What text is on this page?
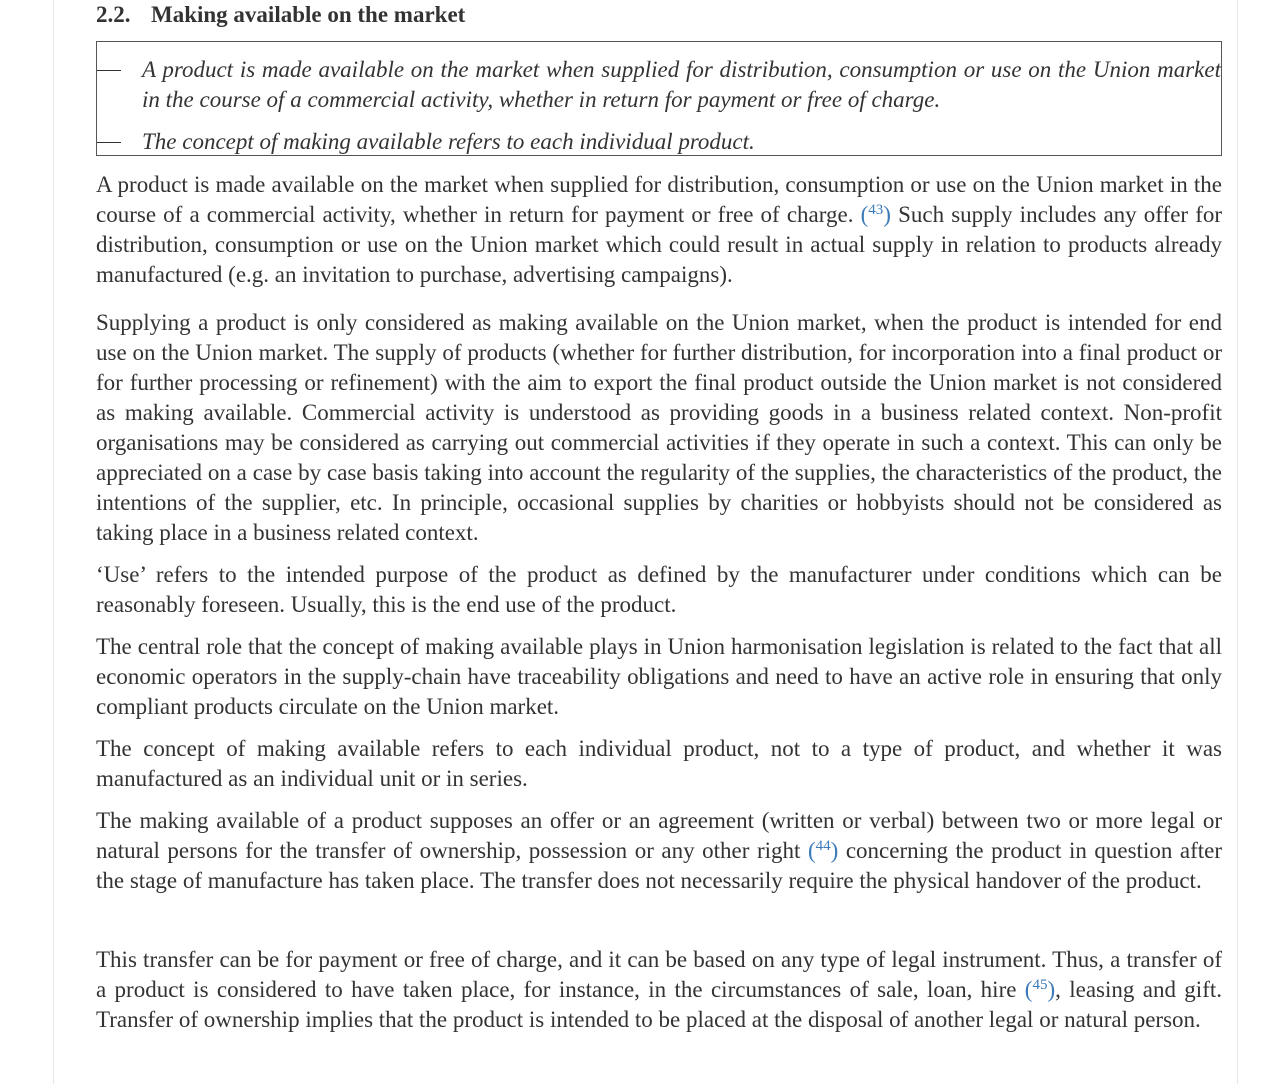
2.2. Making available on the market
A product is made available on the market when supplied for distribution, consumption or use on the Union market in the course of a commercial activity, whether in return for payment or free of charge.
The concept of making available refers to each individual product.

A product is made available on the market when supplied for distribution, consumption or use on the Union market in the course of a commercial activity, whether in return for payment or free of charge. ($^{43}$) Such supply includes any offer for distribution, consumption or use on the Union market which could result in actual supply in relation to products already manufactured (e.g. an invitation to purchase, advertising campaigns).

Supplying a product is only considered as making available on the Union market, when the product is intended for end use on the Union market. The supply of products (whether for further distribution, for incorporation into a final product or for further processing or refinement) with the aim to export the final product outside the Union market is not considered as making available. Commercial activity is understood as providing goods in a business related context. Non-profit organisations may be considered as carrying out commercial activities if they operate in such a context. This can only be appreciated on a case by case basis taking into account the regularity of the supplies, the characteristics of the product, the intentions of the supplier, etc. In principle, occasional supplies by charities or hobbyists should not be considered as taking place in a business related context.

‘Use’ refers to the intended purpose of the product as defined by the manufacturer under conditions which can be reasonably foreseen. Usually, this is the end use of the product.

The central role that the concept of making available plays in Union harmonisation legislation is related to the fact that all economic operators in the supply-chain have traceability obligations and need to have an active role in ensuring that only compliant products circulate on the Union market.

The concept of making available refers to each individual product, not to a type of product, and whether it was manufactured as an individual unit or in series.

The making available of a product supposes an offer or an agreement (written or verbal) between two or more legal or natural persons for the transfer of ownership, possession or any other right ($^{44}$) concerning the product in question after the stage of manufacture has taken place. The transfer does not necessarily require the physical handover of the product.

This transfer can be for payment or free of charge, and it can be based on any type of legal instrument. Thus, a transfer of a product is considered to have taken place, for instance, in the circumstances of sale, loan, hire ($^{45}$), leasing and gift. Transfer of ownership implies that the product is intended to be placed at the disposal of another legal or natural person.
